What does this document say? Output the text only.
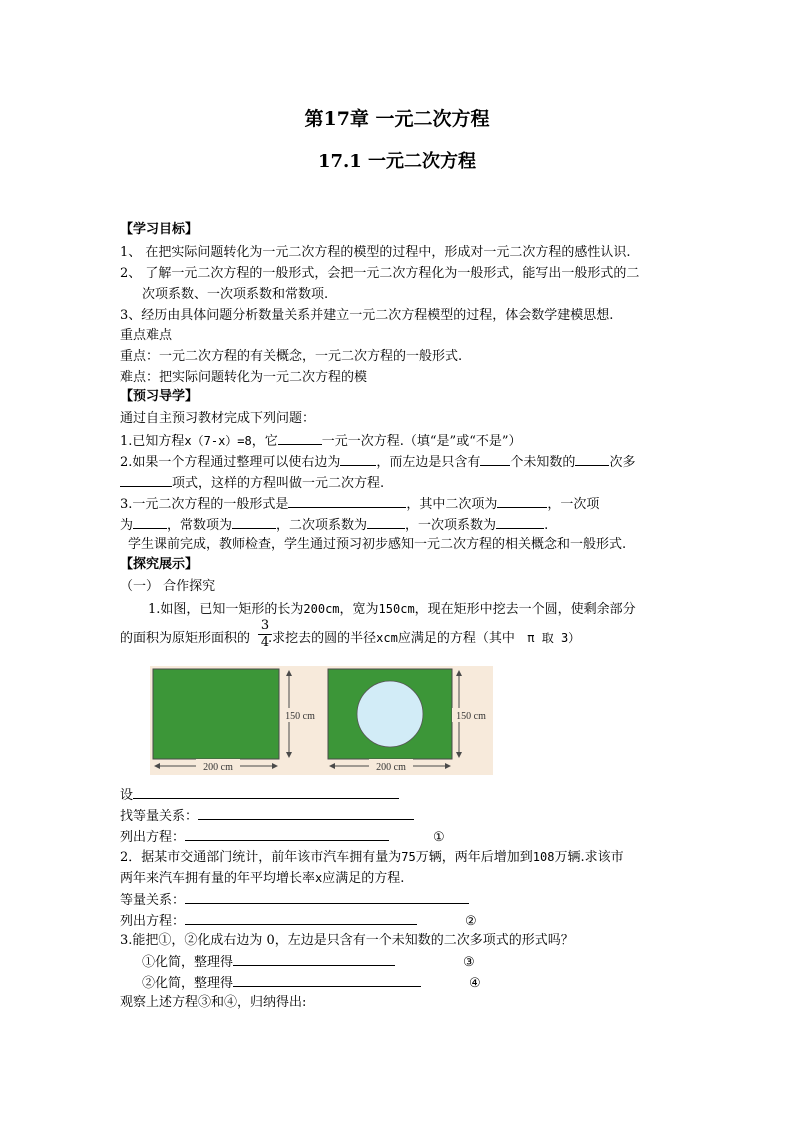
第17章 一元二次方程
17.1 一元二次方程
【学习目标】
1、 在把实际问题转化为一元二次方程的模型的过程中，形成对一元二次方程的感性认识.
2、 了解一元二次方程的一般形式，会把一元二次方程化为一般形式，能写出一般形式的二
次项系数、一次项系数和常数项.
3、经历由具体问题分析数量关系并建立一元二次方程模型的过程，体会数学建模思想.
重点难点
重点：一元二次方程的有关概念，一元二次方程的一般形式.
难点：把实际问题转化为一元二次方程的模
【预习导学】
通过自主预习教材完成下列问题：
1.已知方程x（7-x）=8，它	一元一次方程.（填“是”或“不是”）
2.如果一个方程通过整理可以使右边为	，而左边是只含有 个未知数的	次多
项式，这样的方程叫做一元二次方程.
3.一元二次方程的一般形式是	，其中二次项为	，一次项
为	，常数项为	，二次项系数为	，一次项系数为	.
学生课前完成，教师检查，学生通过预习初步感知一元二次方程的相关概念和一般形式.
【探究展示】
（一） 合作探究
1.如图，已知一矩形的长为200cm，宽为150cm，现在矩形中挖去一个圆，使剩余部分
的面积为原矩形面积的 .求挖去的圆的半径xcm应满足的方程（其中 π 取 3）
$\frac{3}{4}$
200 cm
150 cm
200 cm
150 cm
设
找等量关系：
列出方程：	①
2．据某市交通部门统计，前年该市汽车拥有量为75万辆，两年后增加到108万辆.求该市
两年来汽车拥有量的年平均增长率x应满足的方程.
等量关系：
列出方程：	②
3.能把①，②化成右边为 0，左边是只含有一个未知数的二次多项式的形式吗？
①化简，整理得	③
②化简，整理得	④
观察上述方程③和④，归纳得出:
